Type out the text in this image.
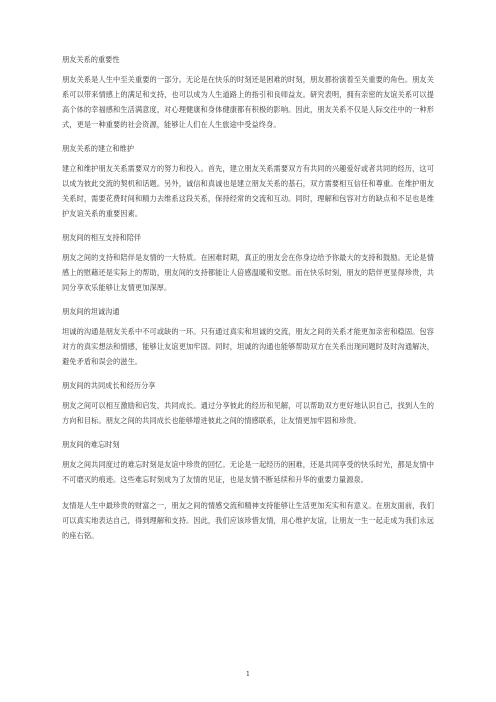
朋友关系的重要性

朋友关系是人生中至关重要的一部分。无论是在快乐的时刻还是困难的时刻，朋友都扮演着至关重要的角色。朋友关系可以带来情感上的满足和支持，也可以成为人生道路上的指引和良师益友。研究表明，拥有亲密的友谊关系可以提高个体的幸福感和生活满意度，对心理健康和身体健康都有积极的影响。因此，朋友关系不仅是人际交往中的一种形式，更是一种重要的社会资源，能够让人们在人生旅途中受益终身。

朋友关系的建立和维护

建立和维护朋友关系需要双方的努力和投入。首先，建立朋友关系需要双方有共同的兴趣爱好或者共同的经历，这可以成为彼此交流的契机和话题。另外，诚信和真诚也是建立朋友关系的基石，双方需要相互信任和尊重。在维护朋友关系时，需要花费时间和精力去维系这段关系，保持经常的交流和互动。同时，理解和包容对方的缺点和不足也是维护友谊关系的重要因素。

朋友间的相互支持和陪伴

朋友之间的支持和陪伴是友情的一大特质。在困难时期，真正的朋友会在你身边给予你最大的支持和鼓励。无论是情感上的慰藉还是实际上的帮助，朋友间的支持都能让人倍感温暖和安慰。而在快乐时刻，朋友的陪伴更显得珍贵，共同分享欢乐能够让友情更加深厚。

朋友间的坦诚沟通

坦诚的沟通是朋友关系中不可或缺的一环。只有通过真实和坦诚的交流，朋友之间的关系才能更加亲密和稳固。包容对方的真实想法和情感，能够让友谊更加牢固。同时，坦诚的沟通也能够帮助双方在关系出现问题时及时沟通解决，避免矛盾和误会的滋生。

朋友间的共同成长和经历分享

朋友之间可以相互激励和启发，共同成长。通过分享彼此的经历和见解，可以帮助双方更好地认识自己，找到人生的方向和目标。朋友之间的共同成长也能够增进彼此之间的情感联系，让友情更加牢固和珍贵。

朋友间的难忘时刻

朋友之间共同度过的难忘时刻是友谊中珍贵的回忆。无论是一起经历的困难，还是共同享受的快乐时光，都是友情中不可磨灭的痕迹。这些难忘时刻成为了友情的见证，也是友情不断延续和升华的重要力量源泉。

友情是人生中最珍贵的财富之一，朋友之间的情感交流和精神支持能够让生活更加充实和有意义。在朋友面前，我们可以真实地表达自己，得到理解和支持。因此，我们应该珍惜友情，用心维护友谊，让朋友一生一起走成为我们永远的座右铭。

1
